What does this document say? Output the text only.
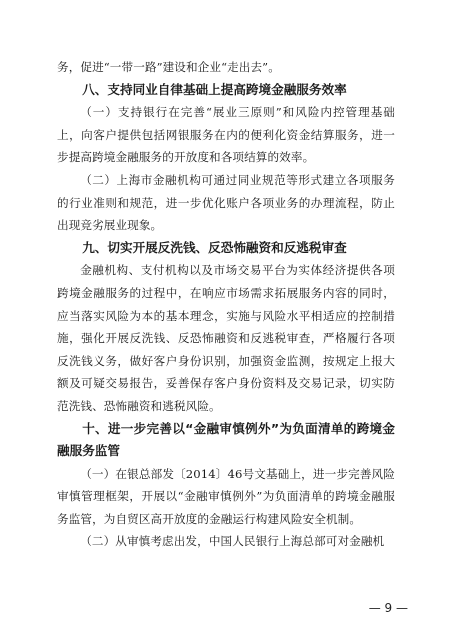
务，促进“一带一路”建设和企业“走出去”。

八、支持同业自律基础上提高跨境金融服务效率

（一）支持银行在完善“展业三原则”和风险内控管理基础上，向客户提供包括网银服务在内的便利化资金结算服务，进一步提高跨境金融服务的开放度和各项结算的效率。

（二）上海市金融机构可通过同业规范等形式建立各项服务的行业准则和规范，进一步优化账户各项业务的办理流程，防止出现竞劣展业现象。

九、切实开展反洗钱、反恐怖融资和反逃税审查

金融机构、支付机构以及市场交易平台为实体经济提供各项跨境金融服务的过程中，在响应市场需求拓展服务内容的同时，应当落实风险为本的基本理念，实施与风险水平相适应的控制措施，强化开展反洗钱、反恐怖融资和反逃税审查，严格履行各项反洗钱义务，做好客户身份识别，加强资金监测，按规定上报大额及可疑交易报告，妥善保存客户身份资料及交易记录，切实防范洗钱、恐怖融资和逃税风险。

十、进一步完善以“金融审慎例外”为负面清单的跨境金融服务监管

（一）在银总部发〔2014〕46号文基础上，进一步完善风险审慎管理框架，开展以“金融审慎例外”为负面清单的跨境金融服务监管，为自贸区高开放度的金融运行构建风险安全机制。

（二）从审慎考虑出发，中国人民银行上海总部可对金融机

— 9 —
